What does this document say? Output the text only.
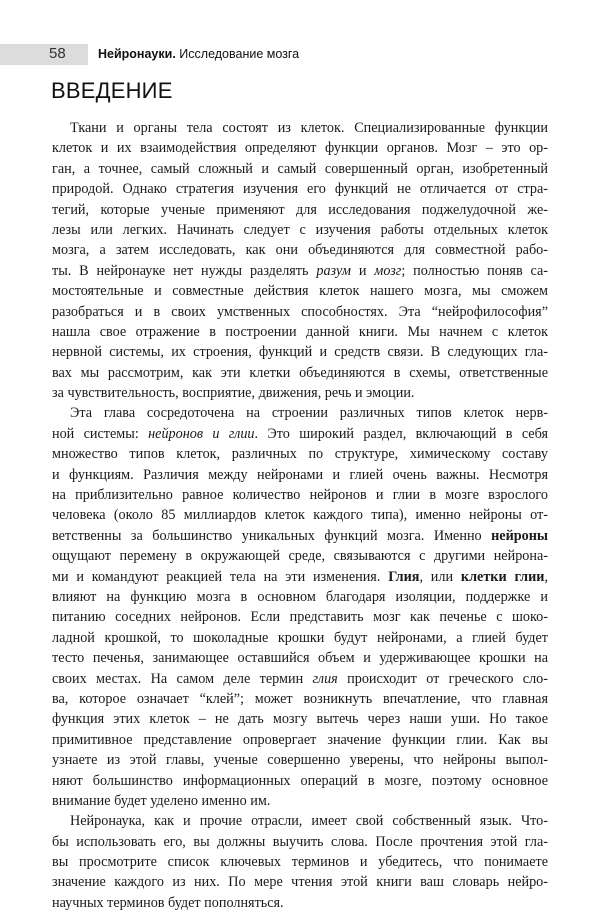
58	Нейронауки. Исследование мозга
ВВЕДЕНИЕ
Ткани и органы тела состоят из клеток. Специализированные функции
клеток и их взаимодействия определяют функции органов. Мозг – это ор-
ган, а точнее, самый сложный и самый совершенный орган, изобретенный
природой. Однако стратегия изучения его функций не отличается от стра-
тегий, которые ученые применяют для исследования поджелудочной же-
лезы или легких. Начинать следует с изучения работы отдельных клеток
мозга, а затем исследовать, как они объединяются для совместной рабо-
ты. В нейронауке нет нужды разделять разум и мозг; полностью поняв са-
мостоятельные и совместные действия клеток нашего мозга, мы сможем
разобраться и в своих умственных способностях. Эта “нейрофилософия”
нашла свое отражение в построении данной книги. Мы начнем с клеток
нервной системы, их строения, функций и средств связи. В следующих гла-
вах мы рассмотрим, как эти клетки объединяются в схемы, ответственные
за чувствительность, восприятие, движения, речь и эмоции.
Эта глава сосредоточена на строении различных типов клеток нерв-
ной системы: нейронов и глии. Это широкий раздел, включающий в себя
множество типов клеток, различных по структуре, химическому составу
и функциям. Различия между нейронами и глией очень важны. Несмотря
на приблизительно равное количество нейронов и глии в мозге взрослого
человека (около 85 миллиардов клеток каждого типа), именно нейроны от-
ветственны за большинство уникальных функций мозга. Именно нейроны
ощущают перемену в окружающей среде, связываются с другими нейрона-
ми и командуют реакцией тела на эти изменения. Глия, или клетки глии,
влияют на функцию мозга в основном благодаря изоляции, поддержке и
питанию соседних нейронов. Если представить мозг как печенье с шоко-
ладной крошкой, то шоколадные крошки будут нейронами, а глией будет
тесто печенья, занимающее оставшийся объем и удерживающее крошки на
своих местах. На самом деле термин глия происходит от греческого сло-
ва, которое означает “клей”; может возникнуть впечатление, что главная
функция этих клеток – не дать мозгу вытечь через наши уши. Но такое
примитивное представление опровергает значение функции глии. Как вы
узнаете из этой главы, ученые совершенно уверены, что нейроны выпол-
няют большинство информационных операций в мозге, поэтому основное
внимание будет уделено именно им.
Нейронаука, как и прочие отрасли, имеет свой собственный язык. Что-
бы использовать его, вы должны выучить слова. После прочтения этой гла-
вы просмотрите список ключевых терминов и убедитесь, что понимаете
значение каждого из них. По мере чтения этой книги ваш словарь нейро-
научных терминов будет пополняться.
